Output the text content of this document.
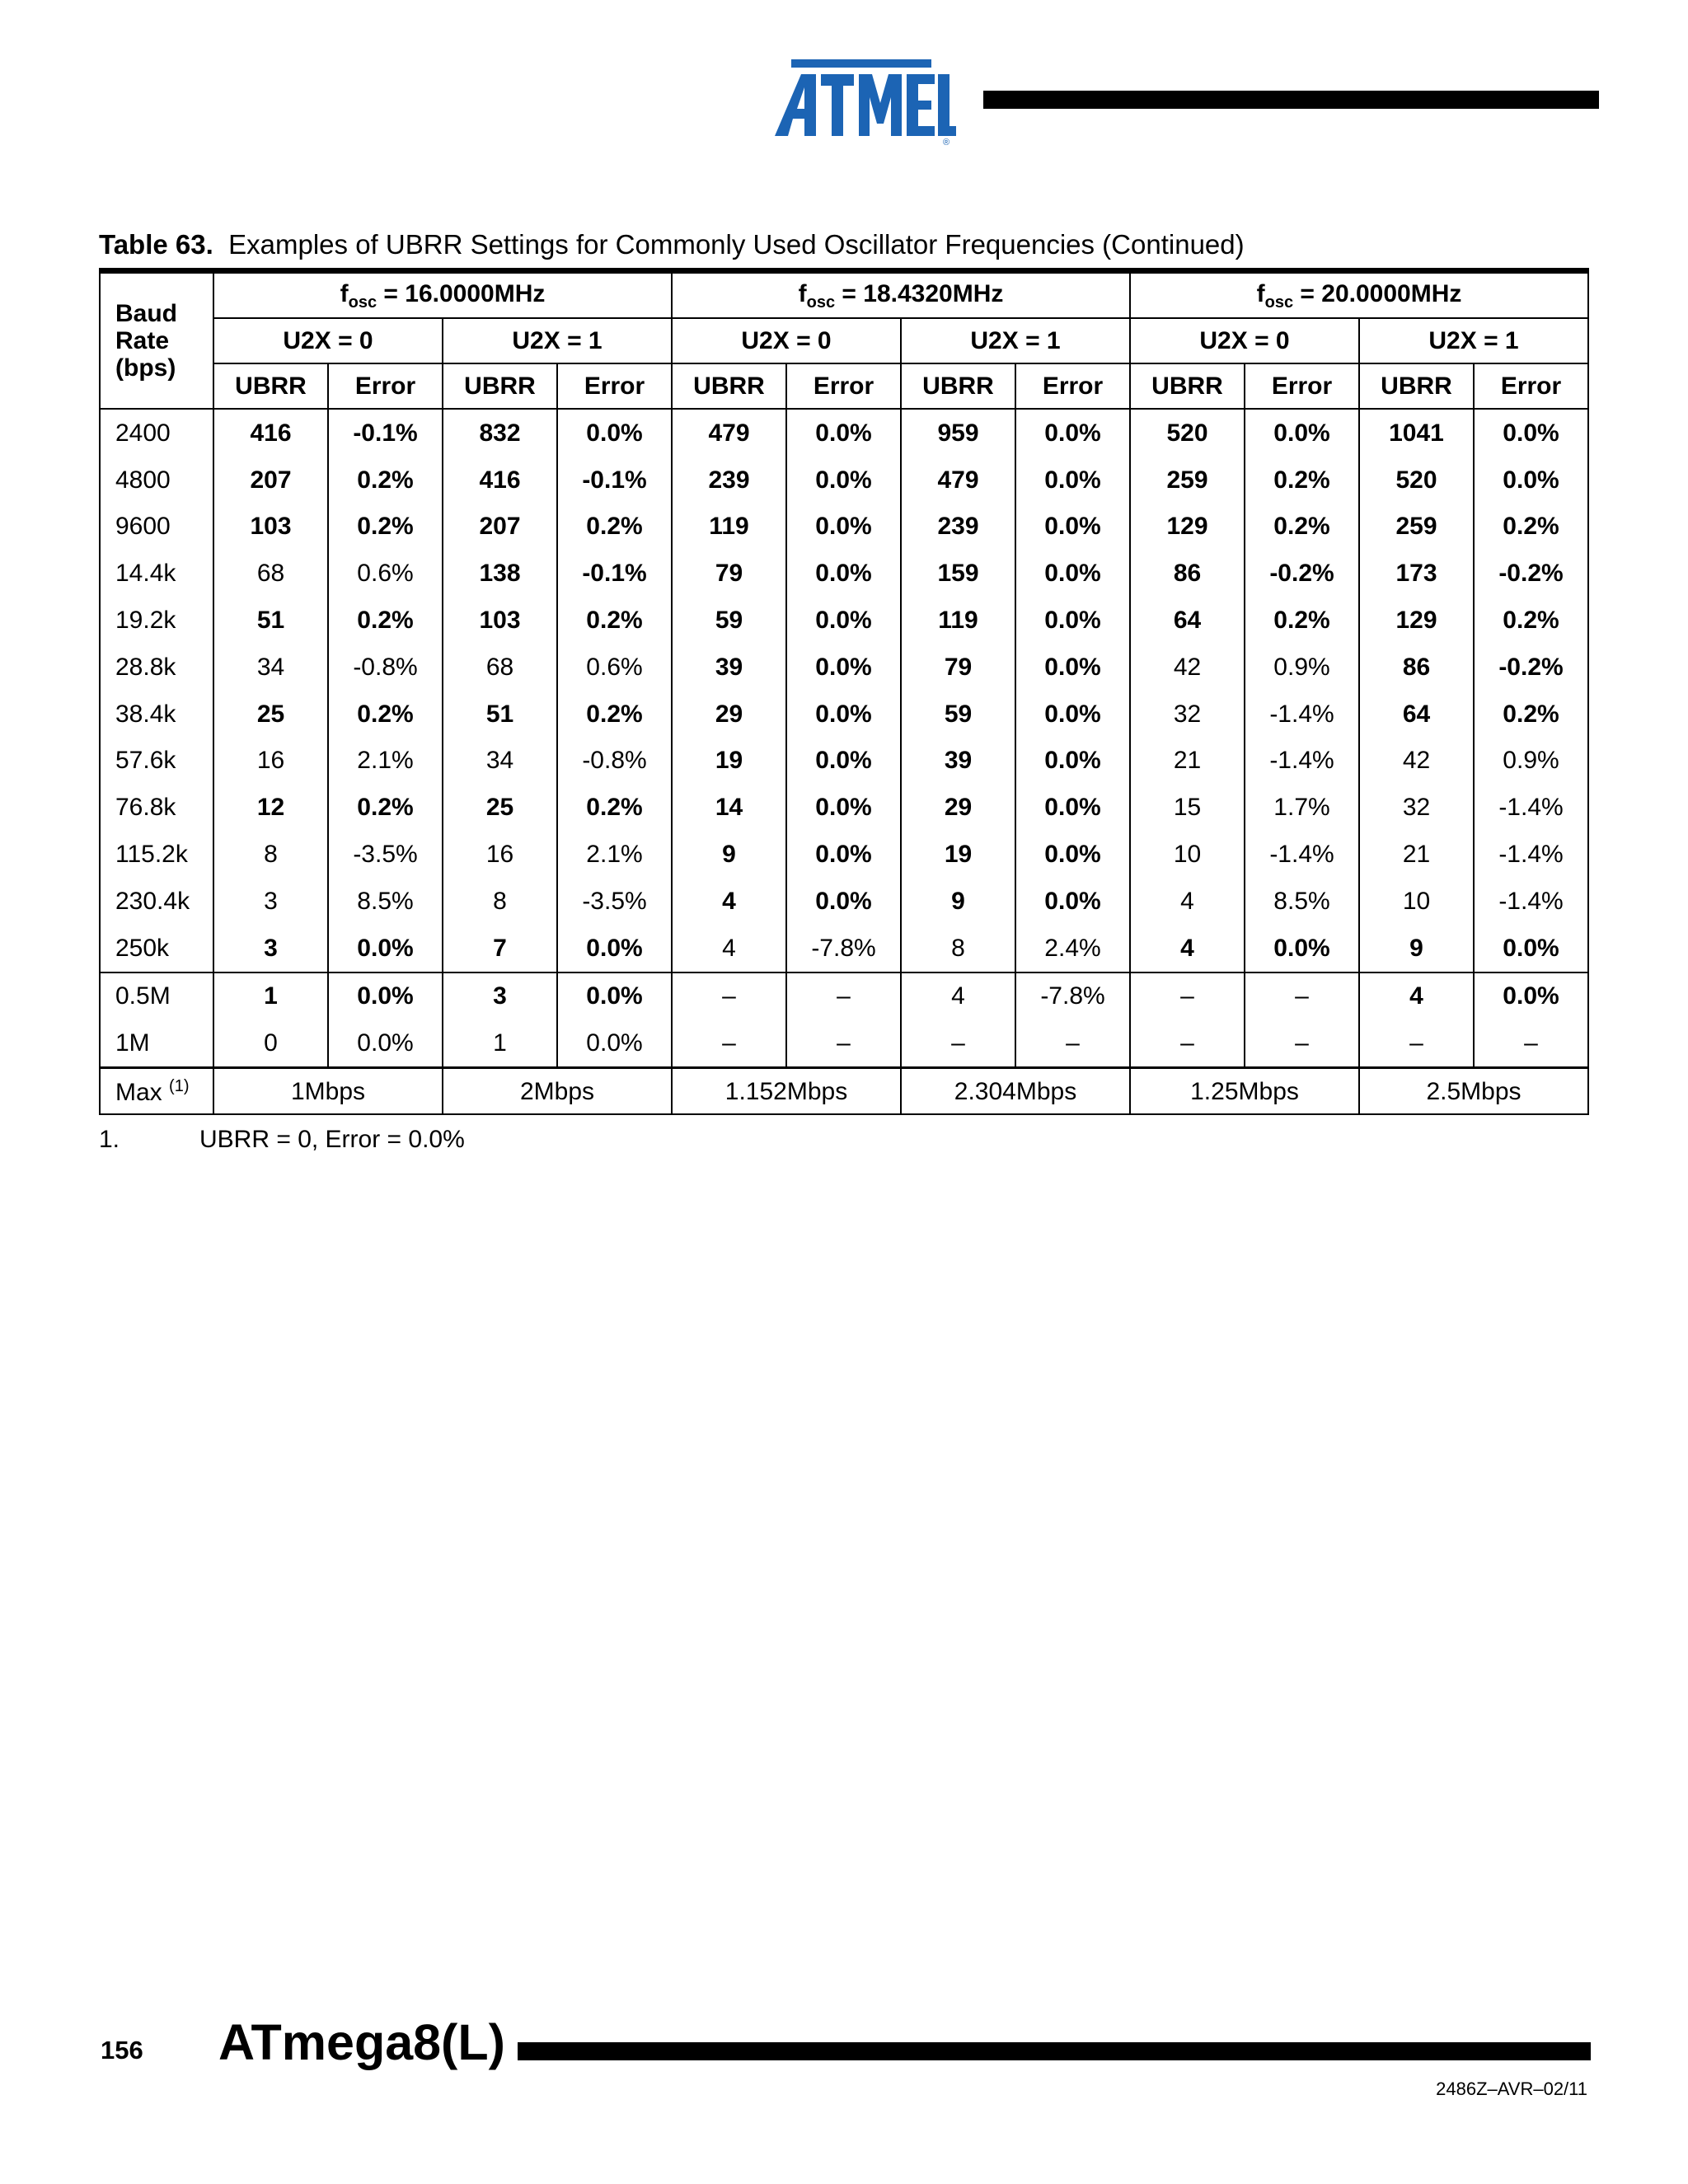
®
Table 63. Examples of UBRR Settings for Commonly Used Oscillator Frequencies (Continued)
Baud
Rate
(bps)	$f_{osc} = 16.0000MHz$				$f_{osc} = 18.4320MHz$				$f_{osc} = 20.0000MHz$			
	U2X = 0		U2X = 1		U2X = 0		U2X = 1		U2X = 0		U2X = 1	
	UBRR	Error	UBRR	Error	UBRR	Error	UBRR	Error	UBRR	Error	UBRR	Error
2400	416	-0.1%	832	0.0%	479	0.0%	959	0.0%	520	0.0%	1041	0.0%
4800	207	0.2%	416	-0.1%	239	0.0%	479	0.0%	259	0.2%	520	0.0%
9600	103	0.2%	207	0.2%	119	0.0%	239	0.0%	129	0.2%	259	0.2%
14.4k	68	0.6%	138	-0.1%	79	0.0%	159	0.0%	86	-0.2%	173	-0.2%
19.2k	51	0.2%	103	0.2%	59	0.0%	119	0.0%	64	0.2%	129	0.2%
28.8k	34	-0.8%	68	0.6%	39	0.0%	79	0.0%	42	0.9%	86	-0.2%
38.4k	25	0.2%	51	0.2%	29	0.0%	59	0.0%	32	-1.4%	64	0.2%
57.6k	16	2.1%	34	-0.8%	19	0.0%	39	0.0%	21	-1.4%	42	0.9%
76.8k	12	0.2%	25	0.2%	14	0.0%	29	0.0%	15	1.7%	32	-1.4%
115.2k	8	-3.5%	16	2.1%	9	0.0%	19	0.0%	10	-1.4%	21	-1.4%
230.4k	3	8.5%	8	-3.5%	4	0.0%	9	0.0%	4	8.5%	10	-1.4%
250k	3	0.0%	7	0.0%	4	-7.8%	8	2.4%	4	0.0%	9	0.0%
0.5M	1	0.0%	3	0.0%	–	–	4	-7.8%	–	–	4	0.0%
1M	0	0.0%	1	0.0%	–	–	–	–	–	–	–	–
Max $^{(1)}$	1Mbps		2Mbps		1.152Mbps		2.304Mbps		1.25Mbps		2.5Mbps	
1.	UBRR = 0, Error = 0.0%
156 ATmega8(L)
2486Z–AVR–02/11
